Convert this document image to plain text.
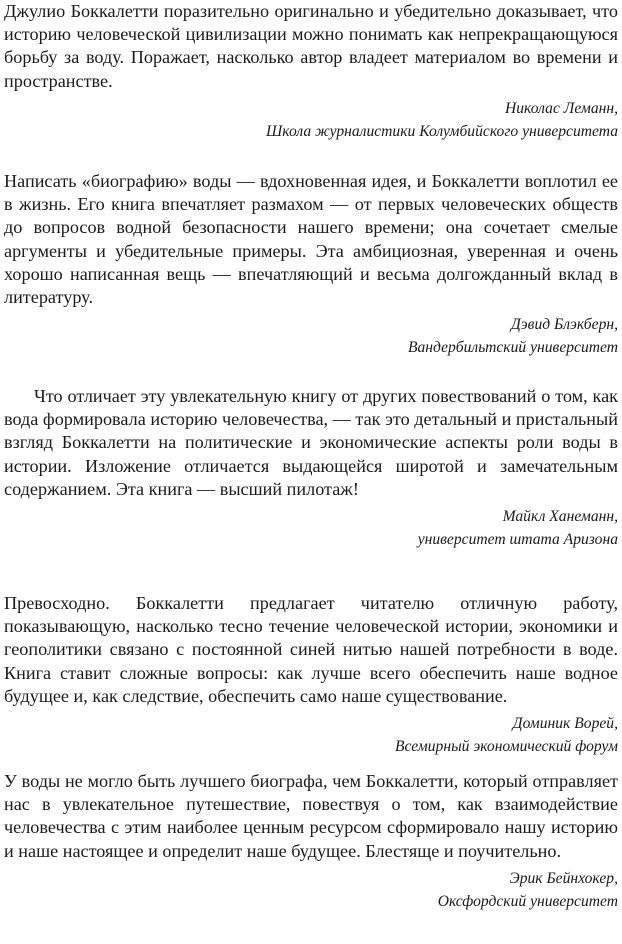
Джулио Боккалетти поразительно оригинально и убедительно доказывает, что историю человеческой цивилизации можно понимать как непрекращающуюся борьбу за воду. Поражает, насколько автор владеет материалом во времени и пространстве.

Николас Леманн,
Школа журналистики Колумбийского университета

Написать «биографию» воды — вдохновенная идея, и Боккалетти воплотил ее в жизнь. Его книга впечатляет размахом — от первых человеческих обществ до вопросов водной безопасности нашего времени; она сочетает смелые аргументы и убедительные примеры. Эта амбициозная, уверенная и очень хорошо написанная вещь — впечатляющий и весьма долгожданный вклад в литературу.

Дэвид Блэкберн,
Вандербильтский университет

Что отличает эту увлекательную книгу от других повествований о том, как вода формировала историю человечества, — так это детальный и пристальный взгляд Боккалетти на политические и экономические аспекты роли воды в истории. Изложение отличается выдающейся широтой и замечательным содержанием. Эта книга — высший пилотаж!

Майкл Ханеманн,
университет штата Аризона

Превосходно. Боккалетти предлагает читателю отличную работу, показывающую, насколько тесно течение человеческой истории, экономики и геополитики связано с постоянной синей нитью нашей потребности в воде. Книга ставит сложные вопросы: как лучше всего обеспечить наше водное будущее и, как следствие, обеспечить само наше существование.

Доминик Ворей,
Всемирный экономический форум

У воды не могло быть лучшего биографа, чем Боккалетти, который отправляет нас в увлекательное путешествие, повествуя о том, как взаимодействие человечества с этим наиболее ценным ресурсом сформировало нашу историю и наше настоящее и определит наше будущее. Блестяще и поучительно.

Эрик Бейнхокер,
Оксфордский университет
